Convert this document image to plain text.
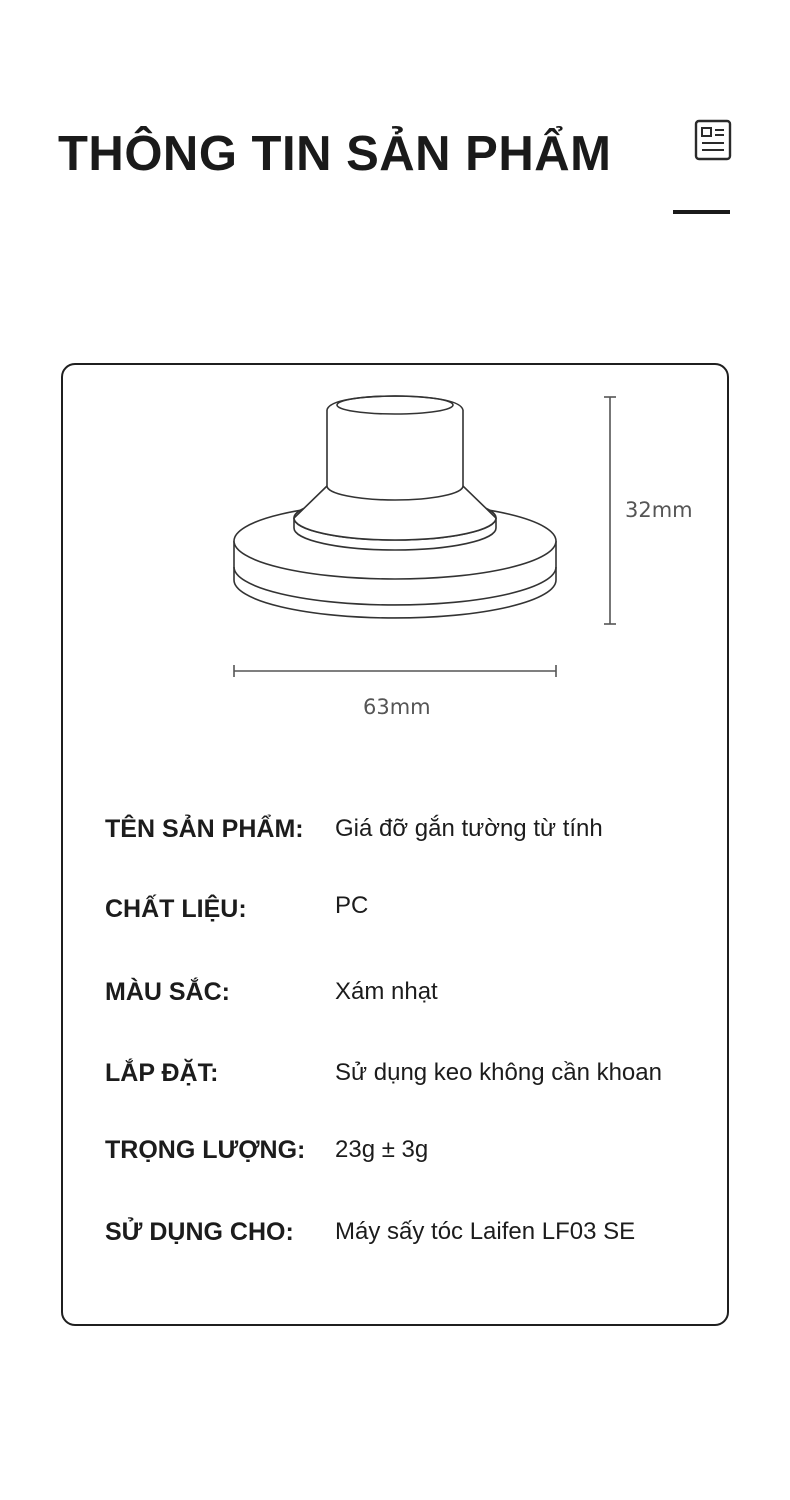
THÔNG TIN SẢN PHẨM
32mm
63mm
TÊN SẢN PHẨM: Giá đỡ gắn tường từ tính
CHẤT LIỆU:	PC
MÀU SẮC:	Xám nhạt
LẮP ĐẶT:	Sử dụng keo không cần khoan
TRỌNG LƯỢNG: 23g ± 3g
SỬ DỤNG CHO: Máy sấy tóc Laifen LF03 SE
